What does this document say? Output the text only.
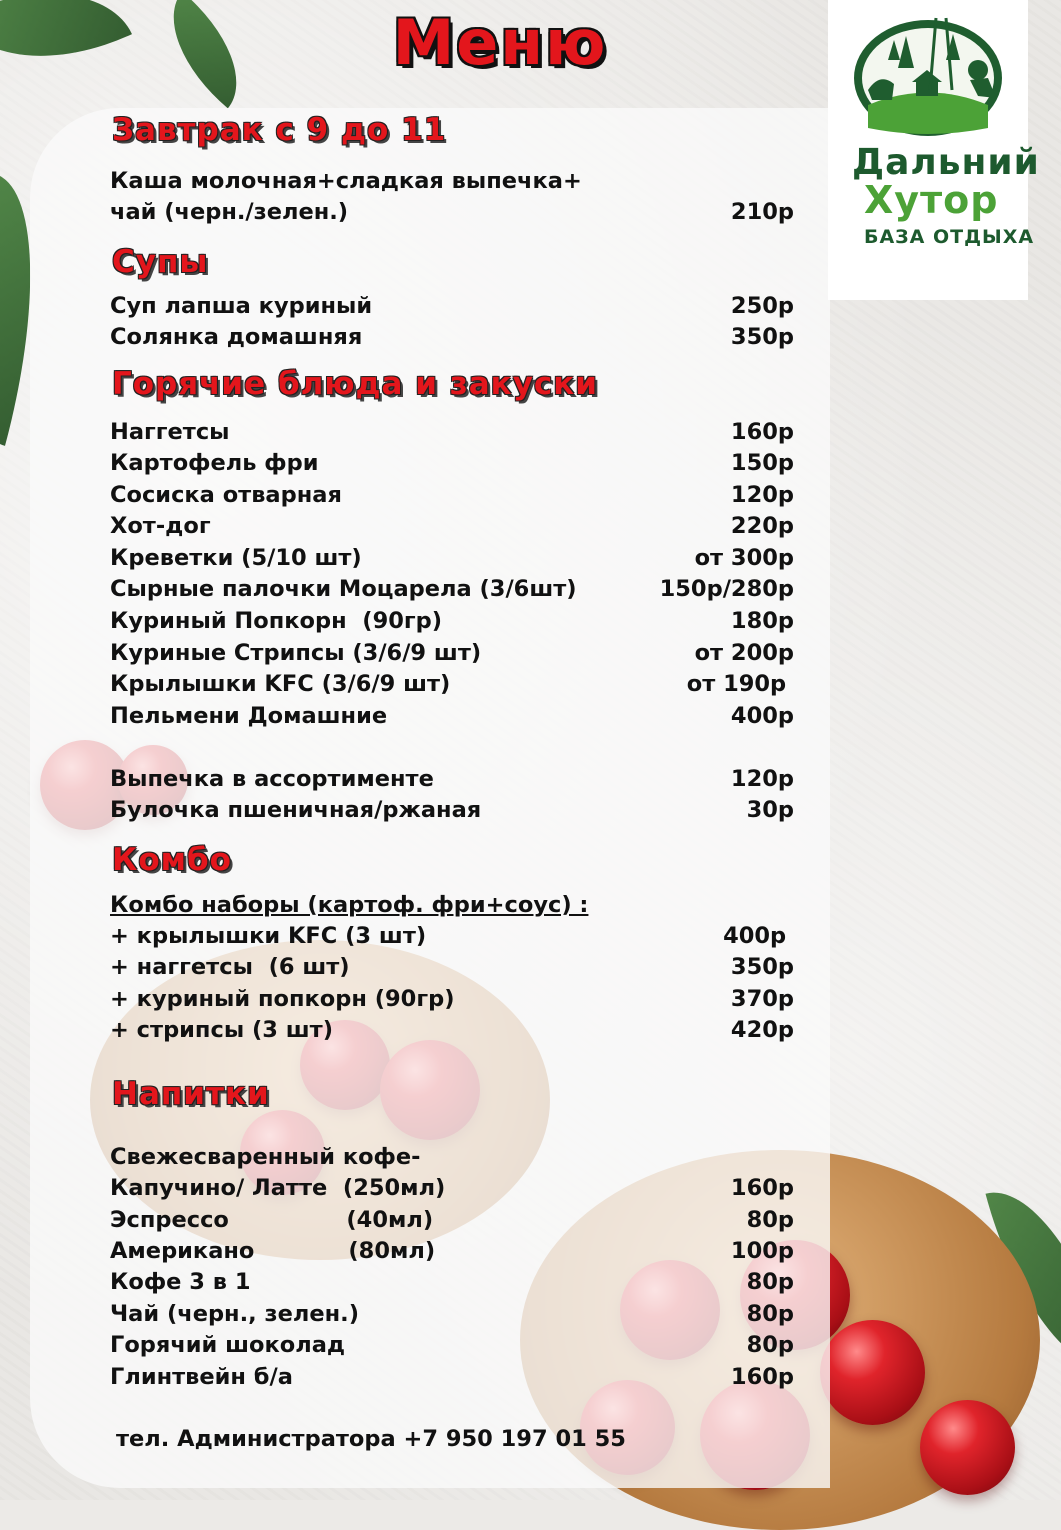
Дальний
Хутор
БАЗА ОТДЫХА
Меню
Завтрак с 9 до 11
Каша молочная+сладкая выпечка+
чай (черн./зелен.)	210р
Супы
Суп лапша куриный	250р
Солянка домашняя	350р
Горячие блюда и закуски
Наггетсы	160р
Картофель фри	150р
Сосиска отварная	120р
Хот-дог	220р
Креветки (5/10 шт)	от 300р
Сырные палочки Моцарела (3/6шт)	150р/280р
Куриный Попкорн  (90гр)	180р
Куриные Стрипсы (3/6/9 шт)	от 200р
Крылышки KFC (3/6/9 шт)	от 190р
Пельмени Домашние	400р
Выпечка в ассортименте	120р
Булочка пшеничная/ржаная	30р
Комбо
Комбо наборы (картоф. фри+соус) :
+ крылышки KFC (3 шт)	400р
+ наггетсы  (6 шт)	350р
+ куриный попкорн (90гр)	370р
+ стрипсы (3 шт)	420р
Напитки
Свежесваренный кофе-
Капучино/ Латте  (250мл)	160р
Эспрессо               (40мл)	80р
Американо            (80мл)	100р
Кофе 3 в 1	80р
Чай (черн., зелен.)	80р
Горячий шоколад	80р
Глинтвейн б/а	160р
тел. Администратора +7 950 197 01 55
